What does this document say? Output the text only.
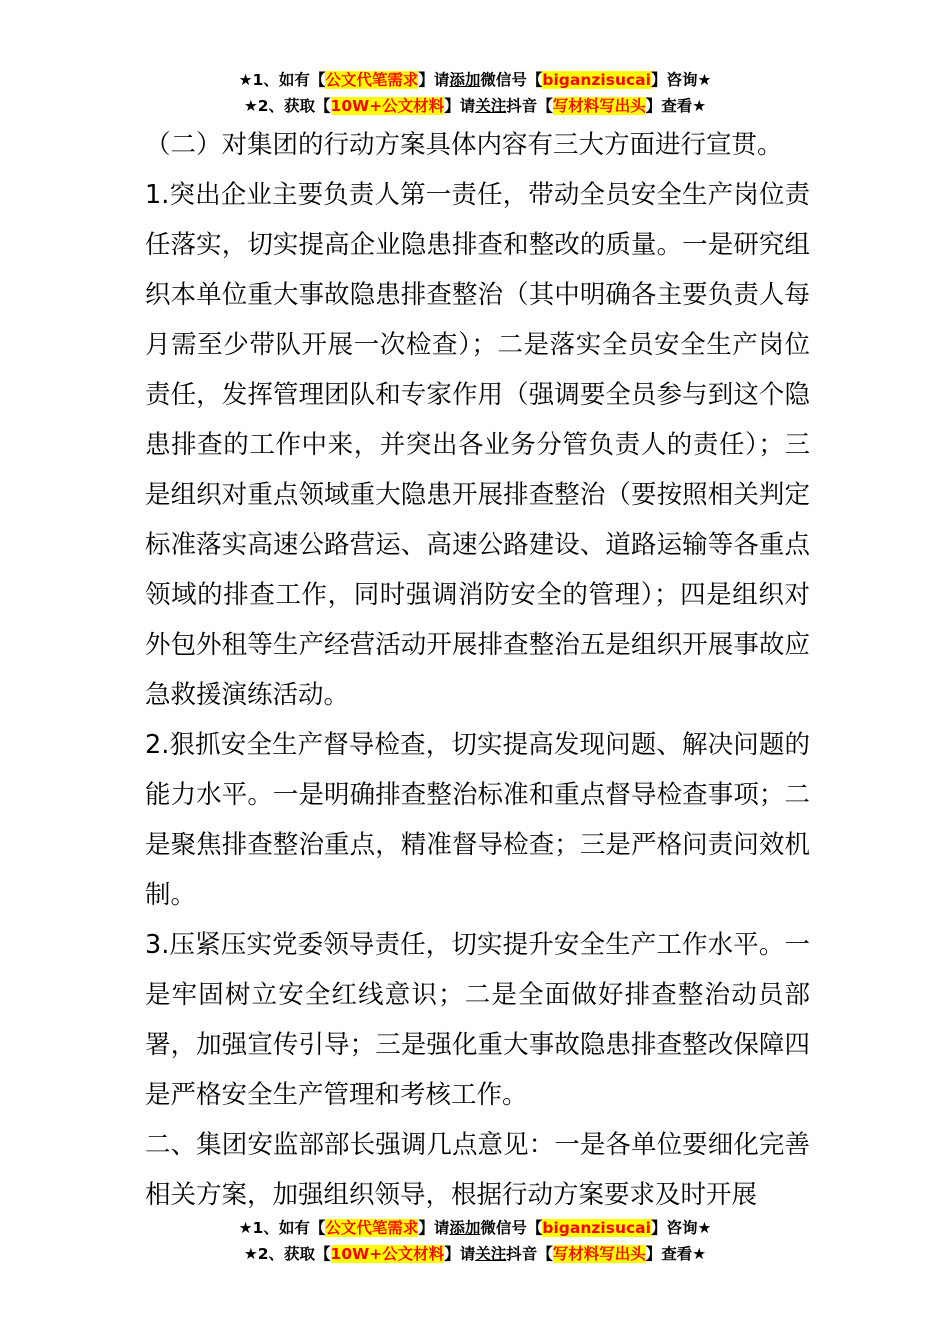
★1、如有【公文代笔需求】请添加微信号【biganzisucai】咨询★
★2、获取【10W+公文材料】请关注抖音【写材料写出头】查看★

（二）对集团的行动方案具体内容有三大方面进行宣贯。

1.突出企业主要负责人第一责任，带动全员安全生产岗位责任落实，切实提高企业隐患排查和整改的质量。一是研究组织本单位重大事故隐患排查整治（其中明确各主要负责人每月需至少带队开展一次检查）；二是落实全员安全生产岗位责任，发挥管理团队和专家作用（强调要全员参与到这个隐患排查的工作中来，并突出各业务分管负责人的责任）；三是组织对重点领域重大隐患开展排查整治（要按照相关判定标准落实高速公路营运、高速公路建设、道路运输等各重点领域的排查工作，同时强调消防安全的管理）；四是组织对外包外租等生产经营活动开展排查整治五是组织开展事故应急救援演练活动。

2.狠抓安全生产督导检查，切实提高发现问题、解决问题的能力水平。一是明确排查整治标准和重点督导检查事项；二是聚焦排查整治重点，精准督导检查；三是严格问责问效机制。

3.压紧压实党委领导责任，切实提升安全生产工作水平。一是牢固树立安全红线意识；二是全面做好排查整治动员部署，加强宣传引导；三是强化重大事故隐患排查整改保障四是严格安全生产管理和考核工作。

二、集团安监部部长强调几点意见：一是各单位要细化完善相关方案，加强组织领导，根据行动方案要求及时开展

★1、如有【公文代笔需求】请添加微信号【biganzisucai】咨询★
★2、获取【10W+公文材料】请关注抖音【写材料写出头】查看★
